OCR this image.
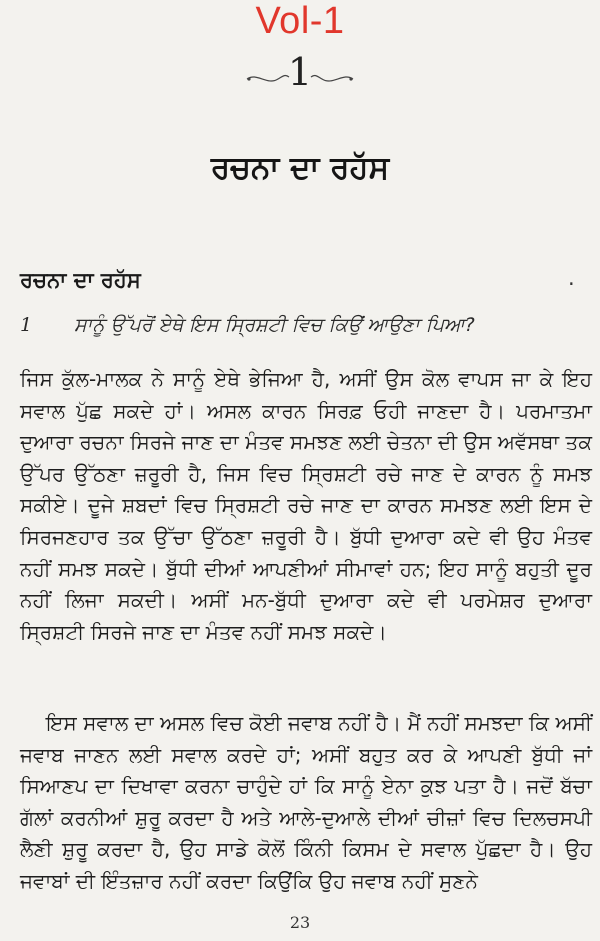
Vol-1
1
ਰਚਨਾ ਦਾ ਰਹੱਸ
ਰਚਨਾ ਦਾ ਰਹੱਸ	.
1 ਸਾਨੂੰ ਉੱਪਰੋਂ ਏਥੇ ਇਸ ਸ੍ਰਿਸ਼ਟੀ ਵਿਚ ਕਿਉਂ ਆਉਣਾ ਪਿਆ?
ਜਿਸ ਕੁੱਲ-ਮਾਲਕ ਨੇ ਸਾਨੂੰ ਏਥੇ ਭੇਜਿਆ ਹੈ, ਅਸੀਂ ਉਸ ਕੋਲ ਵਾਪਸ ਜਾ ਕੇ ਇਹ ਸਵਾਲ ਪੁੱਛ ਸਕਦੇ ਹਾਂ। ਅਸਲ ਕਾਰਨ ਸਿਰਫ਼ ਓਹੀ ਜਾਣਦਾ ਹੈ। ਪਰਮਾਤਮਾ ਦੁਆਰਾ ਰਚਨਾ ਸਿਰਜੇ ਜਾਣ ਦਾ ਮੰਤਵ ਸਮਝਣ ਲਈ ਚੇਤਨਾ ਦੀ ਉਸ ਅਵੱਸਥਾ ਤਕ ਉੱਪਰ ਉੱਠਣਾ ਜ਼ਰੂਰੀ ਹੈ, ਜਿਸ ਵਿਚ ਸ੍ਰਿਸ਼ਟੀ ਰਚੇ ਜਾਣ ਦੇ ਕਾਰਨ ਨੂੰ ਸਮਝ ਸਕੀਏ। ਦੂਜੇ ਸ਼ਬਦਾਂ ਵਿਚ ਸ੍ਰਿਸ਼ਟੀ ਰਚੇ ਜਾਣ ਦਾ ਕਾਰਨ ਸਮਝਣ ਲਈ ਇਸ ਦੇ ਸਿਰਜਣਹਾਰ ਤਕ ਉੱਚਾ ਉੱਠਣਾ ਜ਼ਰੂਰੀ ਹੈ। ਬੁੱਧੀ ਦੁਆਰਾ ਕਦੇ ਵੀ ਉਹ ਮੰਤਵ ਨਹੀਂ ਸਮਝ ਸਕਦੇ। ਬੁੱਧੀ ਦੀਆਂ ਆਪਣੀਆਂ ਸੀਮਾਵਾਂ ਹਨ; ਇਹ ਸਾਨੂੰ ਬਹੁਤੀ ਦੂਰ ਨਹੀਂ ਲਿਜਾ ਸਕਦੀ। ਅਸੀਂ ਮਨ-ਬੁੱਧੀ ਦੁਆਰਾ ਕਦੇ ਵੀ ਪਰਮੇਸ਼ਰ ਦੁਆਰਾ ਸ੍ਰਿਸ਼ਟੀ ਸਿਰਜੇ ਜਾਣ ਦਾ ਮੰਤਵ ਨਹੀਂ ਸਮਝ ਸਕਦੇ।
ਇਸ ਸਵਾਲ ਦਾ ਅਸਲ ਵਿਚ ਕੋਈ ਜਵਾਬ ਨਹੀਂ ਹੈ। ਮੈਂ ਨਹੀਂ ਸਮਝਦਾ ਕਿ ਅਸੀਂ ਜਵਾਬ ਜਾਣਨ ਲਈ ਸਵਾਲ ਕਰਦੇ ਹਾਂ; ਅਸੀਂ ਬਹੁਤ ਕਰ ਕੇ ਆਪਣੀ ਬੁੱਧੀ ਜਾਂ ਸਿਆਣਪ ਦਾ ਦਿਖਾਵਾ ਕਰਨਾ ਚਾਹੁੰਦੇ ਹਾਂ ਕਿ ਸਾਨੂੰ ਏਨਾ ਕੁਝ ਪਤਾ ਹੈ। ਜਦੋਂ ਬੱਚਾ ਗੱਲਾਂ ਕਰਨੀਆਂ ਸ਼ੁਰੂ ਕਰਦਾ ਹੈ ਅਤੇ ਆਲੇ-ਦੁਆਲੇ ਦੀਆਂ ਚੀਜ਼ਾਂ ਵਿਚ ਦਿਲਚਸਪੀ ਲੈਣੀ ਸ਼ੁਰੂ ਕਰਦਾ ਹੈ, ਉਹ ਸਾਡੇ ਕੋਲੋਂ ਕਿੰਨੀ ਕਿਸਮ ਦੇ ਸਵਾਲ ਪੁੱਛਦਾ ਹੈ। ਉਹ ਜਵਾਬਾਂ ਦੀ ਇੰਤਜ਼ਾਰ ਨਹੀਂ ਕਰਦਾ ਕਿਉਂਕਿ ਉਹ ਜਵਾਬ ਨਹੀਂ ਸੁਣਨੇ
23
